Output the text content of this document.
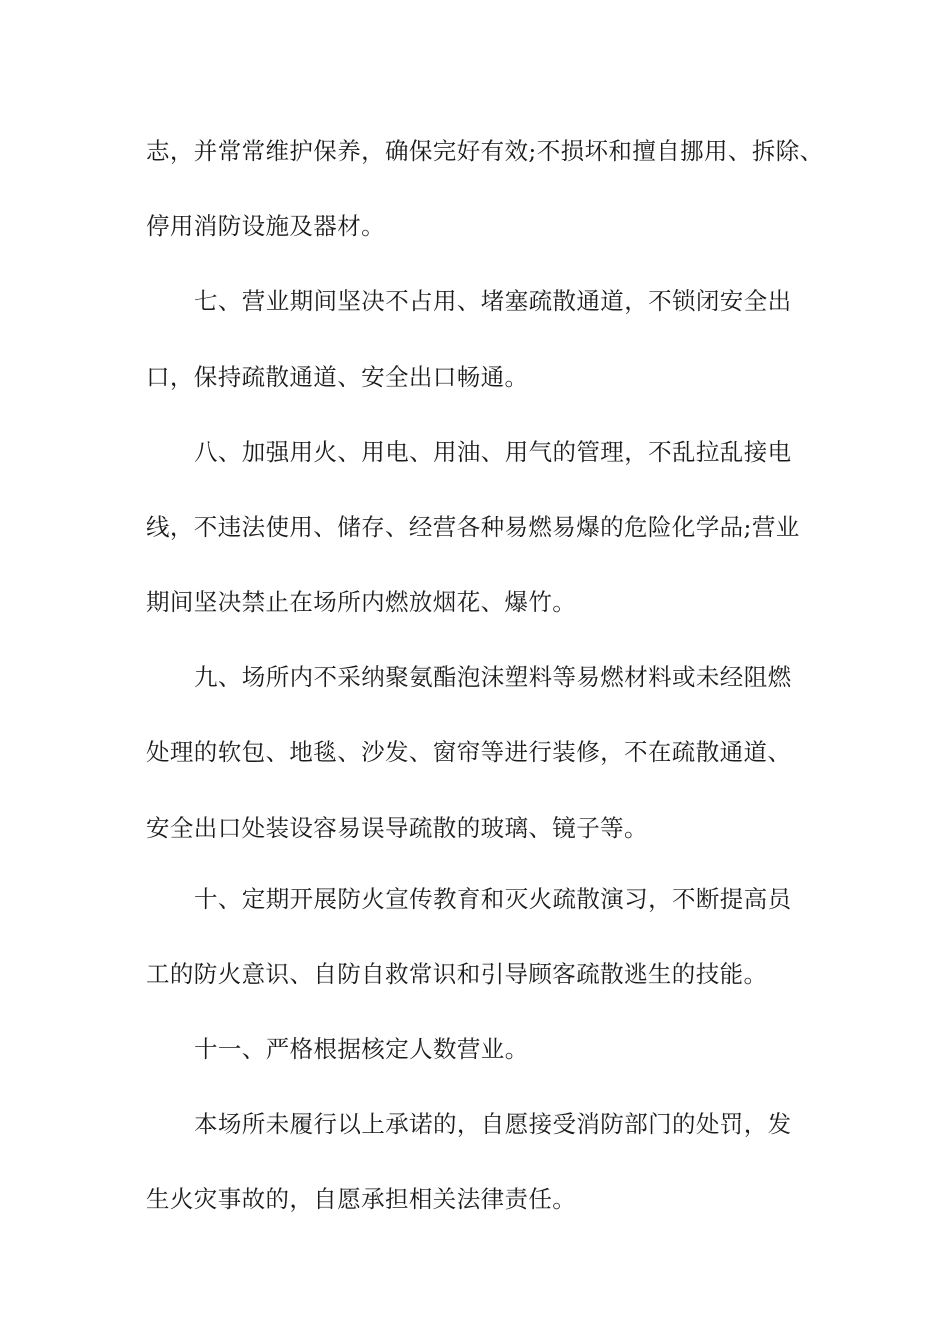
志，并常常维护保养，确保完好有效;不损坏和擅自挪用、拆除、
停用消防设施及器材。
七、营业期间坚决不占用、堵塞疏散通道，不锁闭安全出
口，保持疏散通道、安全出口畅通。
八、加强用火、用电、用油、用气的管理，不乱拉乱接电
线，不违法使用、储存、经营各种易燃易爆的危险化学品;营业
期间坚决禁止在场所内燃放烟花、爆竹。
九、场所内不采纳聚氨酯泡沫塑料等易燃材料或未经阻燃
处理的软包、地毯、沙发、窗帘等进行装修，不在疏散通道、
安全出口处装设容易误导疏散的玻璃、镜子等。
十、定期开展防火宣传教育和灭火疏散演习，不断提高员
工的防火意识、自防自救常识和引导顾客疏散逃生的技能。
十一、严格根据核定人数营业。
本场所未履行以上承诺的，自愿接受消防部门的处罚，发
生火灾事故的，自愿承担相关法律责任。
